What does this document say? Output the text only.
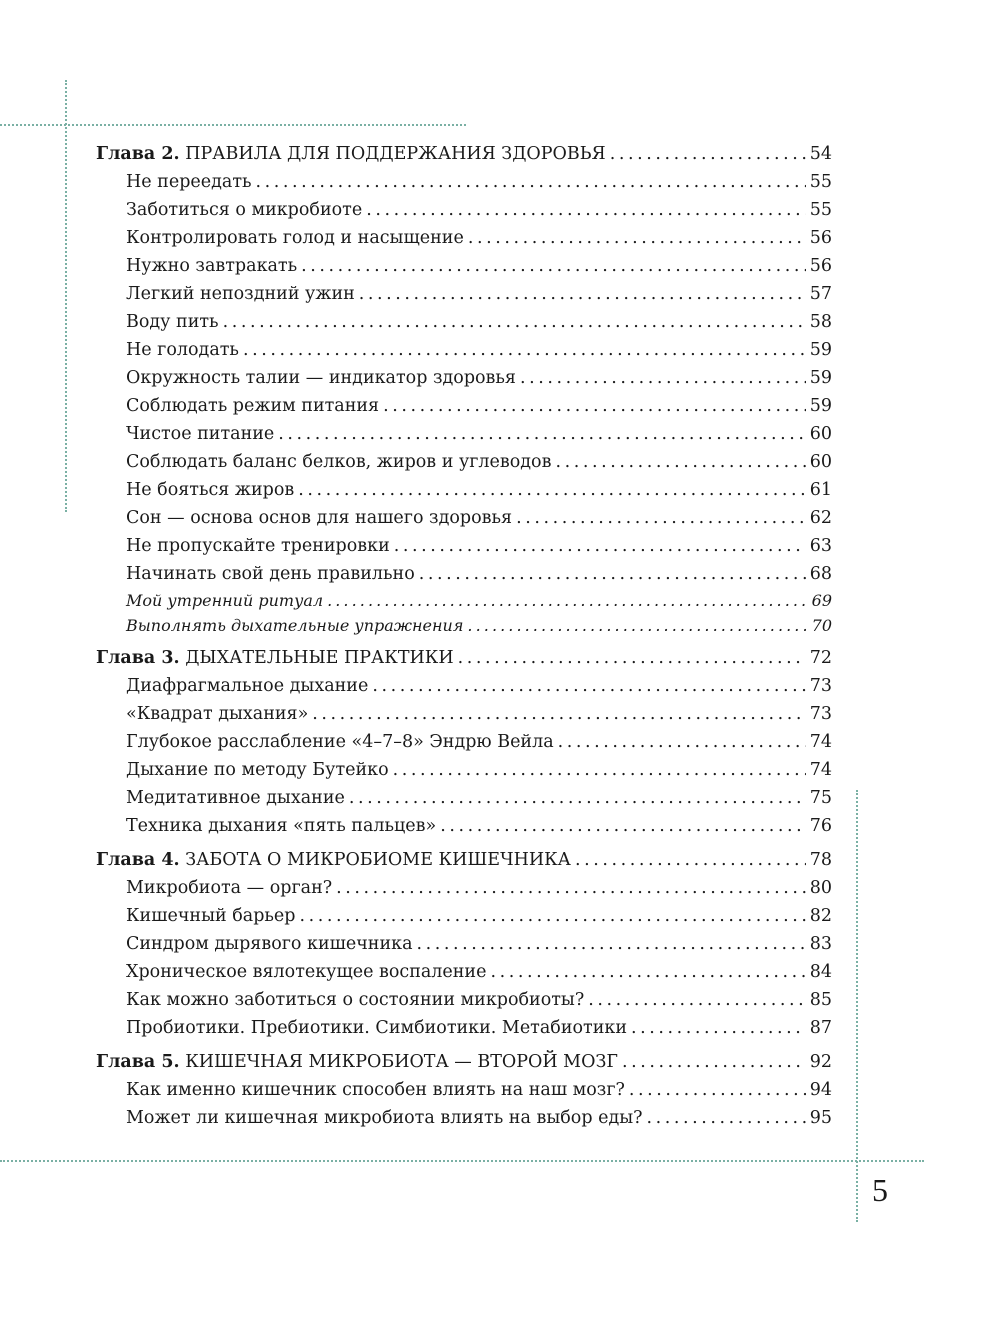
Глава 2. ПРАВИЛА ДЛЯ ПОДДЕРЖАНИЯ ЗДОРОВЬЯ . . .	54
Не переедать . . .	55
Заботиться о микробиоте . . .	55
Контролировать голод и насыщение . . .	56
Нужно завтракать . . .	56
Легкий непоздний ужин . . .	57
Воду пить . . .	58
Не голодать . . .	59
Окружность талии — индикатор здоровья . . .	59
Соблюдать режим питания . . .	59
Чистое питание . . .	60
Соблюдать баланс белков, жиров и углеводов . . .	60
Не бояться жиров . . .	61
Сон — основа основ для нашего здоровья . . .	62
Не пропускайте тренировки . . .	63
Начинать свой день правильно . . .	68
Мой утренний ритуал . . .	69
Выполнять дыхательные упражнения . . .	70
Глава 3. ДЫХАТЕЛЬНЫЕ ПРАКТИКИ . . .	72
Диафрагмальное дыхание . . .	73
«Квадрат дыхания» . . .	73
Глубокое расслабление «4–7–8» Эндрю Вейла . . .	74
Дыхание по методу Бутейко . . .	74
Медитативное дыхание . . .	75
Техника дыхания «пять пальцев» . . .	76
Глава 4. ЗАБОТА О МИКРОБИОМЕ КИШЕЧНИКА . . .	78
Микробиота — орган? . . .	80
Кишечный барьер . . .	82
Синдром дырявого кишечника . . .	83
Хроническое вялотекущее воспаление . . .	84
Как можно заботиться о состоянии микробиоты? . . .	85
Пробиотики. Пребиотики. Симбиотики. Метабиотики . . .	87
Глава 5. КИШЕЧНАЯ МИКРОБИОТА — ВТОРОЙ МОЗГ . . .	92
Как именно кишечник способен влиять на наш мозг? . . .	94
Может ли кишечная микробиота влиять на выбор еды? . . .	95
5
